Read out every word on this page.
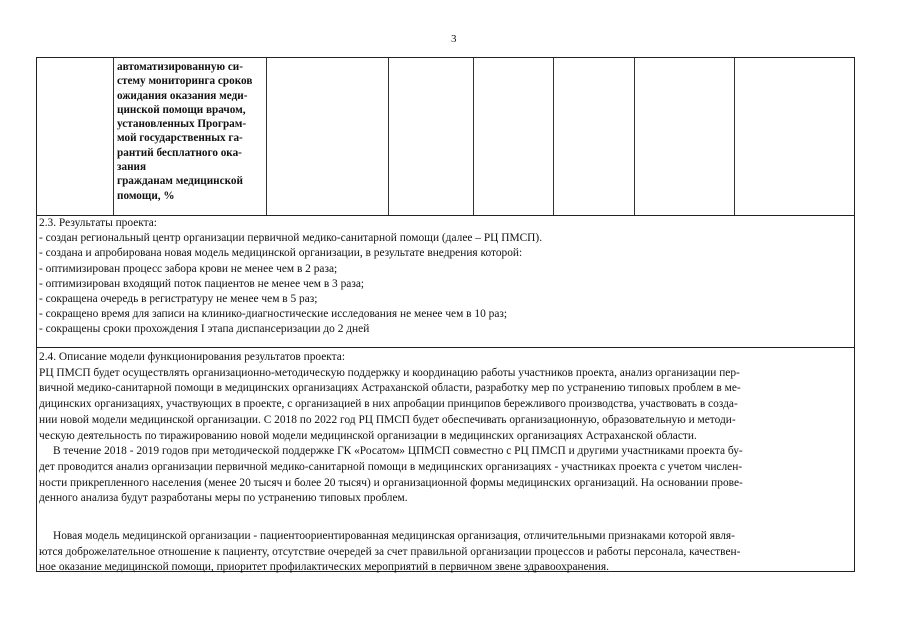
3
автоматизированную си-
стему мониторинга сроков
ожидания оказания меди-
цинской помощи врачом,
установленных Програм-
мой государственных га-
рантий бесплатного ока-
зания
гражданам медицинской
помощи, %
2.3. Результаты проекта:
- создан региональный центр организации первичной медико-санитарной помощи (далее – РЦ ПМСП).
- создана и апробирована новая модель медицинской организации, в результате внедрения которой:
- оптимизирован процесс забора крови не менее чем в 2 раза;
- оптимизирован входящий поток пациентов не менее чем в 3 раза;
- сокращена очередь в регистратуру не менее чем в 5 раз;
- сокращено время для записи на клинико-диагностические исследования не менее чем в 10 раз;
- сокращены сроки прохождения I этапа диспансеризации до 2 дней
2.4. Описание модели функционирования результатов проекта:
РЦ ПМСП будет осуществлять организационно-методическую поддержку и координацию работы участников проекта, анализ организации пер-
вичной медико-санитарной помощи в медицинских организациях Астраханской области, разработку мер по устранению типовых проблем в ме-
дицинских организациях, участвующих в проекте, с организацией в них апробации принципов бережливого производства, участвовать в созда-
нии новой модели медицинской организации. С 2018 по 2022 год РЦ ПМСП будет обеспечивать организационную, образовательную и методи-
ческую деятельность по тиражированию новой модели медицинской организации в медицинских организациях Астраханской области.
В течение 2018 - 2019 годов при методической поддержке ГК «Росатом» ЦПМСП совместно с РЦ ПМСП и другими участниками проекта бу-
дет проводится анализ организации первичной медико-санитарной помощи в медицинских организациях - участниках проекта с учетом числен-
ности прикрепленного населения (менее 20 тысяч и более 20 тысяч) и организационной формы медицинских организаций. На основании прове-
денного анализа будут разработаны меры по устранению типовых проблем.
Новая модель медицинской организации - пациентоориентированная медицинская организация, отличительными признаками которой явля-
ются доброжелательное отношение к пациенту, отсутствие очередей за счет правильной организации процессов и работы персонала, качествен-
ное оказание медицинской помощи, приоритет профилактических мероприятий в первичном звене здравоохранения.
